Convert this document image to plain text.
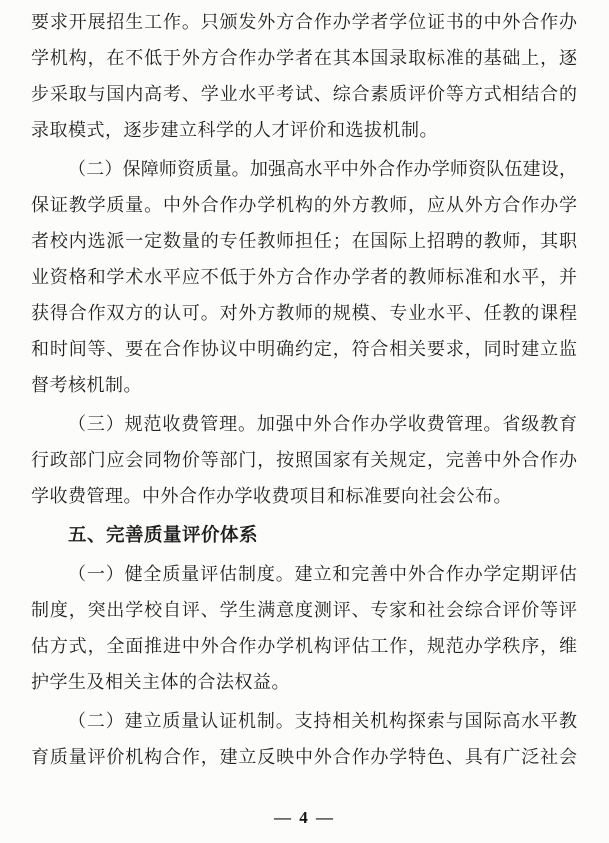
要求开展招生工作。只颁发外方合作办学者学位证书的中外合作办
学机构，在不低于外方合作办学者在其本国录取标准的基础上，逐
步采取与国内高考、学业水平考试、综合素质评价等方式相结合的
录取模式，逐步建立科学的人才评价和选拔机制。
（二）保障师资质量。加强高水平中外合作办学师资队伍建设，
保证教学质量。中外合作办学机构的外方教师，应从外方合作办学
者校内选派一定数量的专任教师担任；在国际上招聘的教师，其职
业资格和学术水平应不低于外方合作办学者的教师标准和水平，并
获得合作双方的认可。对外方教师的规模、专业水平、任教的课程
和时间等、要在合作协议中明确约定，符合相关要求，同时建立监
督考核机制。
（三）规范收费管理。加强中外合作办学收费管理。省级教育
行政部门应会同物价等部门，按照国家有关规定，完善中外合作办
学收费管理。中外合作办学收费项目和标准要向社会公布。
五、完善质量评价体系
（一）健全质量评估制度。建立和完善中外合作办学定期评估
制度，突出学校自评、学生满意度测评、专家和社会综合评价等评
估方式，全面推进中外合作办学机构评估工作，规范办学秩序，维
护学生及相关主体的合法权益。
（二）建立质量认证机制。支持相关机构探索与国际高水平教
育质量评价机构合作，建立反映中外合作办学特色、具有广泛社会
— 4 —
